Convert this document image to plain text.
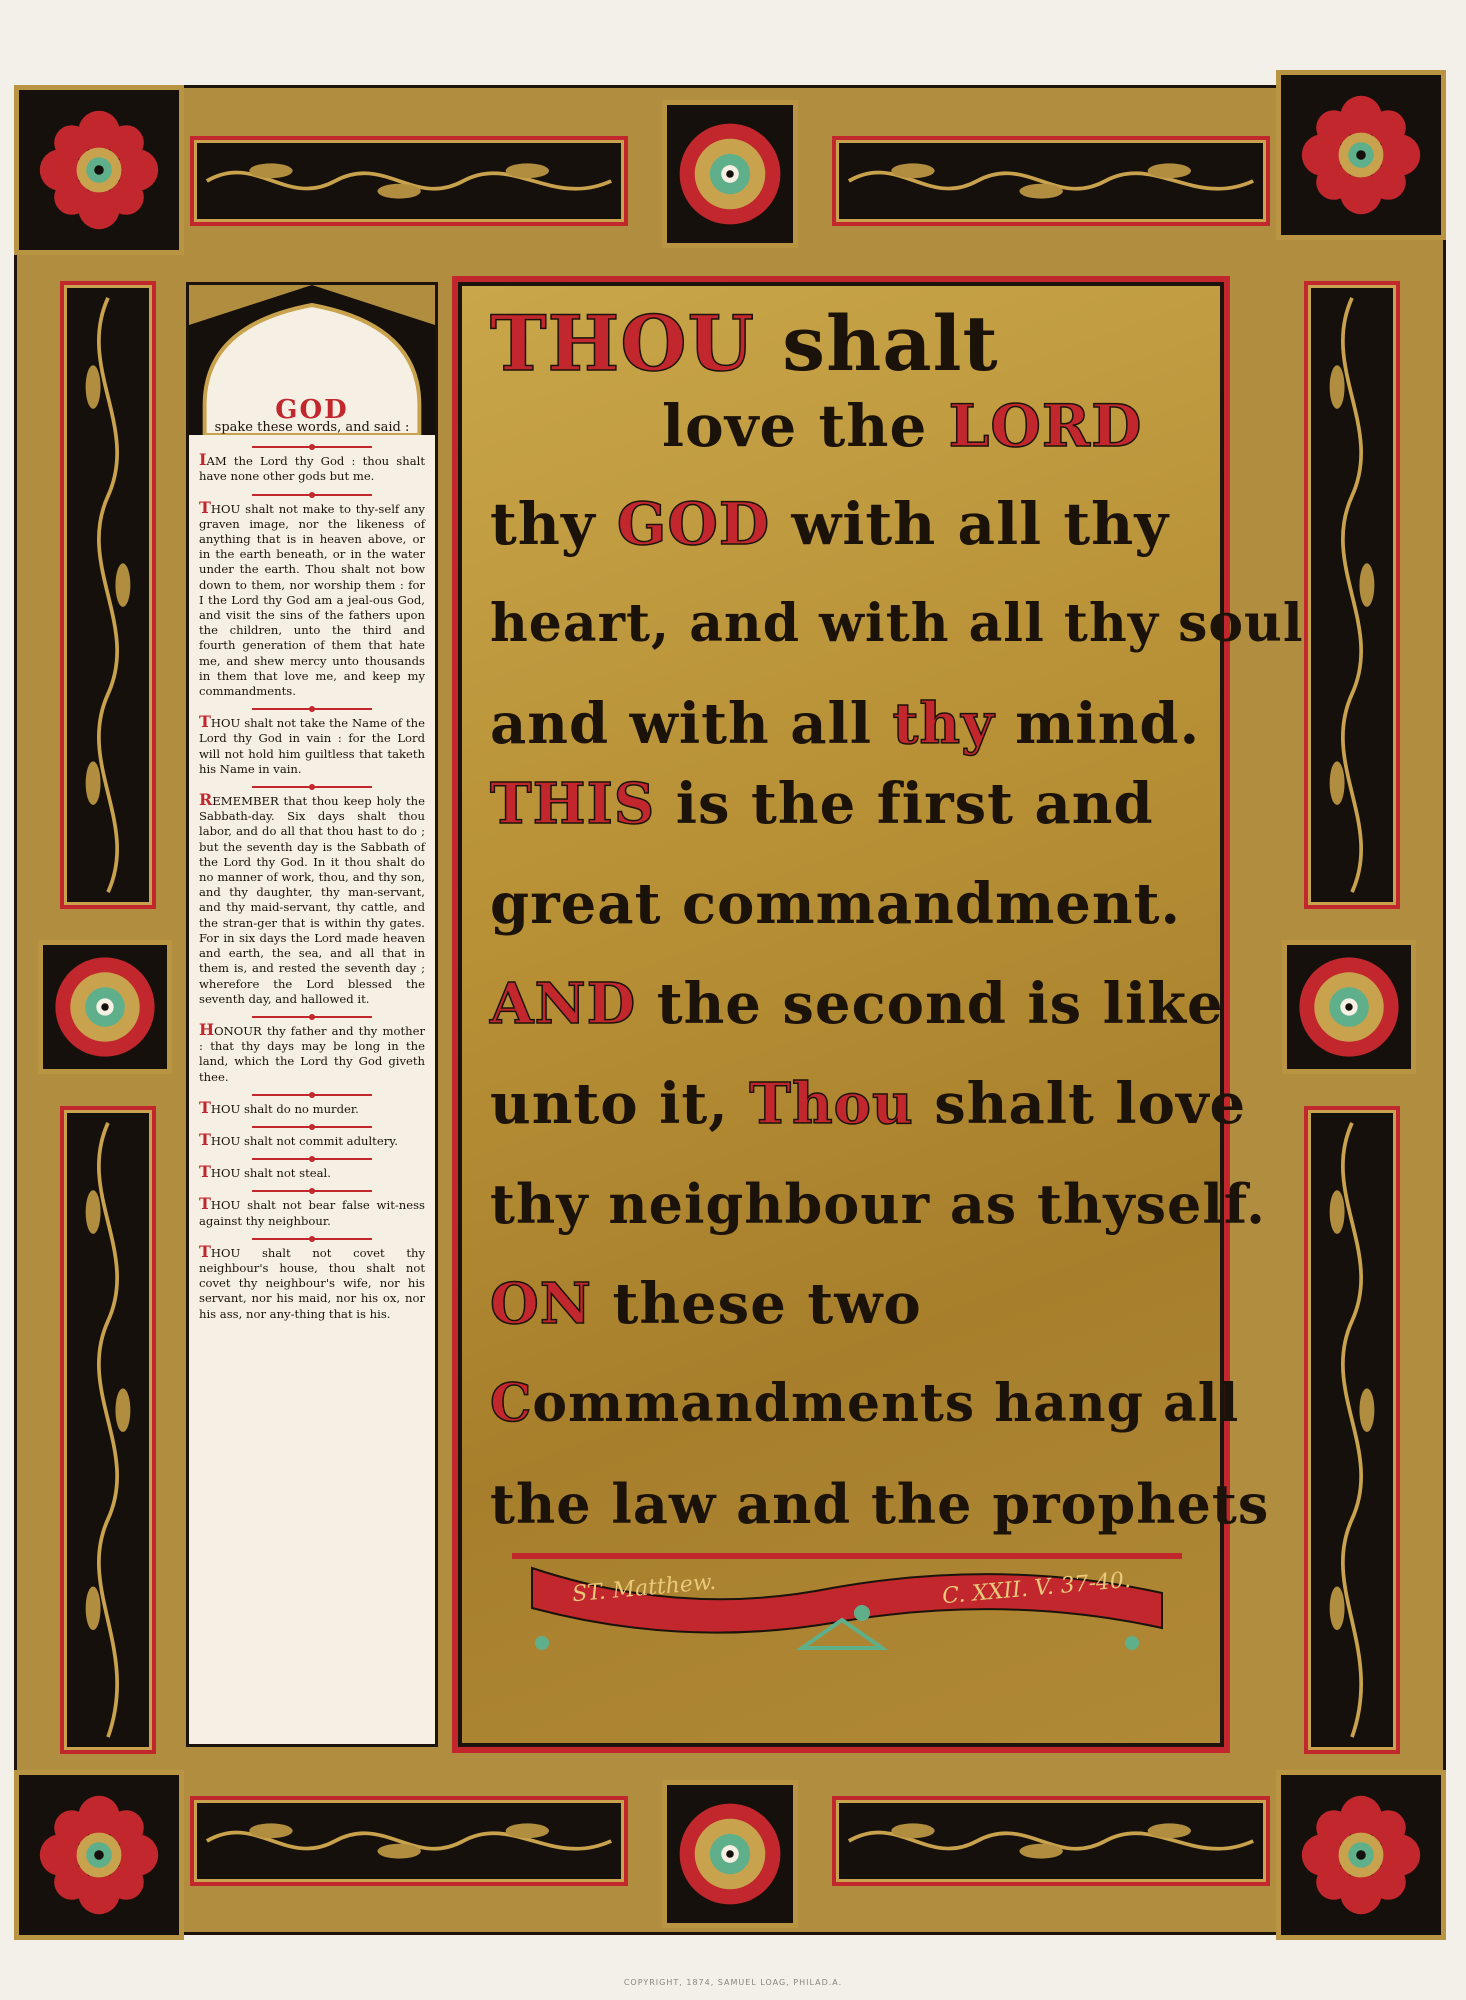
GOD
spake these words, and said :

IAM the Lord thy God : thou shalt have none other gods but me.

THOU shalt not make to thy-self any graven image, nor the likeness of anything that is in heaven above, or in the earth beneath, or in the water under the earth. Thou shalt not bow down to them, nor worship them : for I the Lord thy God am a jeal-ous God, and visit the sins of the fathers upon the children, unto the third and fourth generation of them that hate me, and shew mercy unto thousands in them that love me, and keep my commandments.

THOU shalt not take the Name of the Lord thy God in vain : for the Lord will not hold him guiltless that taketh his Name in vain.

REMEMBER that thou keep holy the Sabbath-day. Six days shalt thou labor, and do all that thou hast to do ; but the seventh day is the Sabbath of the Lord thy God. In it thou shalt do no manner of work, thou, and thy son, and thy daughter, thy man-servant, and thy maid-servant, thy cattle, and the stran-ger that is within thy gates. For in six days the Lord made heaven and earth, the sea, and all that in them is, and rested the seventh day ; wherefore the Lord blessed the seventh day, and hallowed it.

HONOUR thy father and thy mother : that thy days may be long in the land, which the Lord thy God giveth thee.

THOU shalt do no murder.

THOU shalt not commit adultery.

THOU shalt not steal.

THOU shalt not bear false wit-ness against thy neighbour.

THOU shalt not covet thy neighbour's house, thou shalt not covet thy neighbour's wife, nor his servant, nor his maid, nor his ox, nor his ass, nor any-thing that is his.

THOU shalt
love the LORD
thy GOD with all thy
heart, and with all thy soul
and with all thy mind.
THIS is the first and
great commandment.
AND the second is like
unto it, Thou shalt love
thy neighbour as thyself.
ON these two
Commandments hang all
the law and the prophets
ST. Matthew.	C. XXII. V. 37-40.
COPYRIGHT, 1874, SAMUEL LOAG, PHILAD.A.
